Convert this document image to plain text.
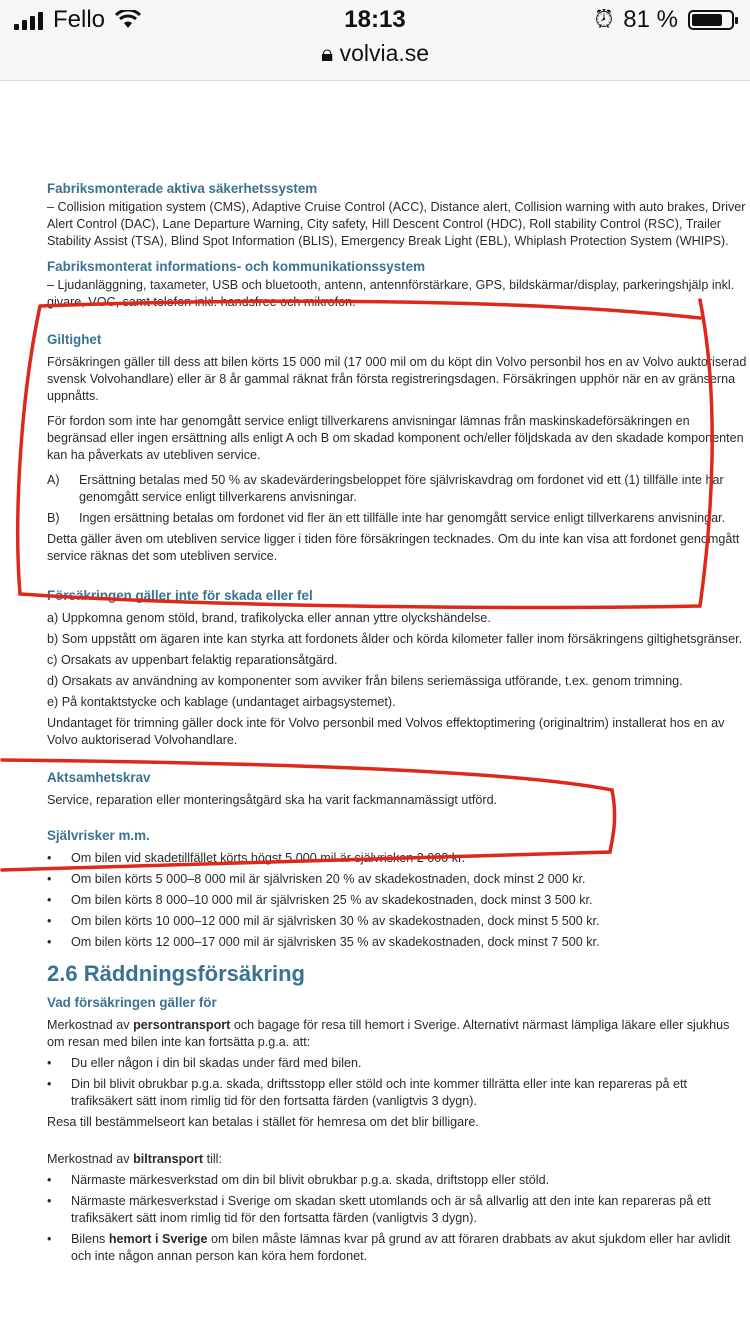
Fello	18:13
🔒︎ volvia.se
⏰︎ 81 %
Fabriksmonterade aktiva säkerhetssystem
– Collision mitigation system (CMS), Adaptive Cruise Control (ACC), Distance alert, Collision warning with auto brakes, Driver Alert Control (DAC), Lane Departure Warning, City safety, Hill Descent Control (HDC), Roll stability Control (RSC), Trailer Stability Assist (TSA), Blind Spot Information (BLIS), Emergency Break Light (EBL), Whiplash Protection System (WHIPS).
Fabriksmonterat informations- och kommunikationssystem
– Ljudanläggning, taxameter, USB och bluetooth, antenn, antennförstärkare, GPS, bildskärmar/display, parkeringshjälp inkl. givare, VOC, samt telefon inkl. handsfree och mikrofon.
Giltighet
Försäkringen gäller till dess att bilen körts 15 000 mil (17 000 mil om du köpt din Volvo personbil hos en av Volvo auktoriserad svensk Volvohandlare) eller är 8 år gammal räknat från första registreringsdagen. Försäkringen upphör när en av gränserna uppnåtts.
För fordon som inte har genomgått service enligt tillverkarens anvisningar lämnas från maskinskadeförsäkringen en begränsad eller ingen ersättning alls enligt A och B om skadad komponent och/eller följdskada av den skadade komponenten kan ha påverkats av utebliven service.
A)	Ersättning betalas med 50 % av skadevärderingsbeloppet före självriskavdrag om fordonet vid ett (1) tillfälle inte har genomgått service enligt tillverkarens anvisningar.
B)	Ingen ersättning betalas om fordonet vid fler än ett tillfälle inte har genomgått service enligt tillverkarens anvisningar.
Detta gäller även om utebliven service ligger i tiden före försäkringen tecknades. Om du inte kan visa att fordonet genomgått service räknas det som utebliven service.
Försäkringen gäller inte för skada eller fel
a) Uppkomna genom stöld, brand, trafikolycka eller annan yttre olyckshändelse.
b) Som uppstått om ägaren inte kan styrka att fordonets ålder och körda kilometer faller inom försäkringens giltighetsgränser.
c) Orsakats av uppenbart felaktig reparationsåtgärd.
d) Orsakats av användning av komponenter som avviker från bilens seriemässiga utförande, t.ex. genom trimning.
e) På kontaktstycke och kablage (undantaget airbagsystemet).
Undantaget för trimning gäller dock inte för Volvo personbil med Volvos effektoptimering (originaltrim) installerat hos en av Volvo auktoriserad Volvohandlare.
Aktsamhetskrav
Service, reparation eller monteringsåtgärd ska ha varit fackmannamässigt utförd.
Självrisker m.m.
•	Om bilen vid skadetillfället körts högst 5 000 mil är självrisken 2 000 kr.
•	Om bilen körts 5 000–8 000 mil är självrisken 20 % av skadekostnaden, dock minst 2 000 kr.
•	Om bilen körts 8 000–10 000 mil är självrisken 25 % av skadekostnaden, dock minst 3 500 kr.
•	Om bilen körts 10 000–12 000 mil är självrisken 30 % av skadekostnaden, dock minst 5 500 kr.
•	Om bilen körts 12 000–17 000 mil är självrisken 35 % av skadekostnaden, dock minst 7 500 kr.
2.6 Räddningsförsäkring
Vad försäkringen gäller för
Merkostnad av persontransport och bagage för resa till hemort i Sverige. Alternativt närmast lämpliga läkare eller sjukhus om resan med bilen inte kan fortsätta p.g.a. att:
•	Du eller någon i din bil skadas under färd med bilen.
•	Din bil blivit obrukbar p.g.a. skada, driftsstopp eller stöld och inte kommer tillrätta eller inte kan repareras på ett trafiksäkert sätt inom rimlig tid för den fortsatta färden (vanligtvis 3 dygn).
Resa till bestämmelseort kan betalas i stället för hemresa om det blir billigare.
Merkostnad av biltransport till:
•	Närmaste märkesverkstad om din bil blivit obrukbar p.g.a. skada, driftstopp eller stöld.
•	Närmaste märkesverkstad i Sverige om skadan skett utomlands och är så allvarlig att den inte kan repareras på ett trafiksäkert sätt inom rimlig tid för den fortsatta färden (vanligtvis 3 dygn).
•	Bilens hemort i Sverige om bilen måste lämnas kvar på grund av att föraren drabbats av akut sjukdom eller har avlidit och inte någon annan person kan köra hem fordonet.
